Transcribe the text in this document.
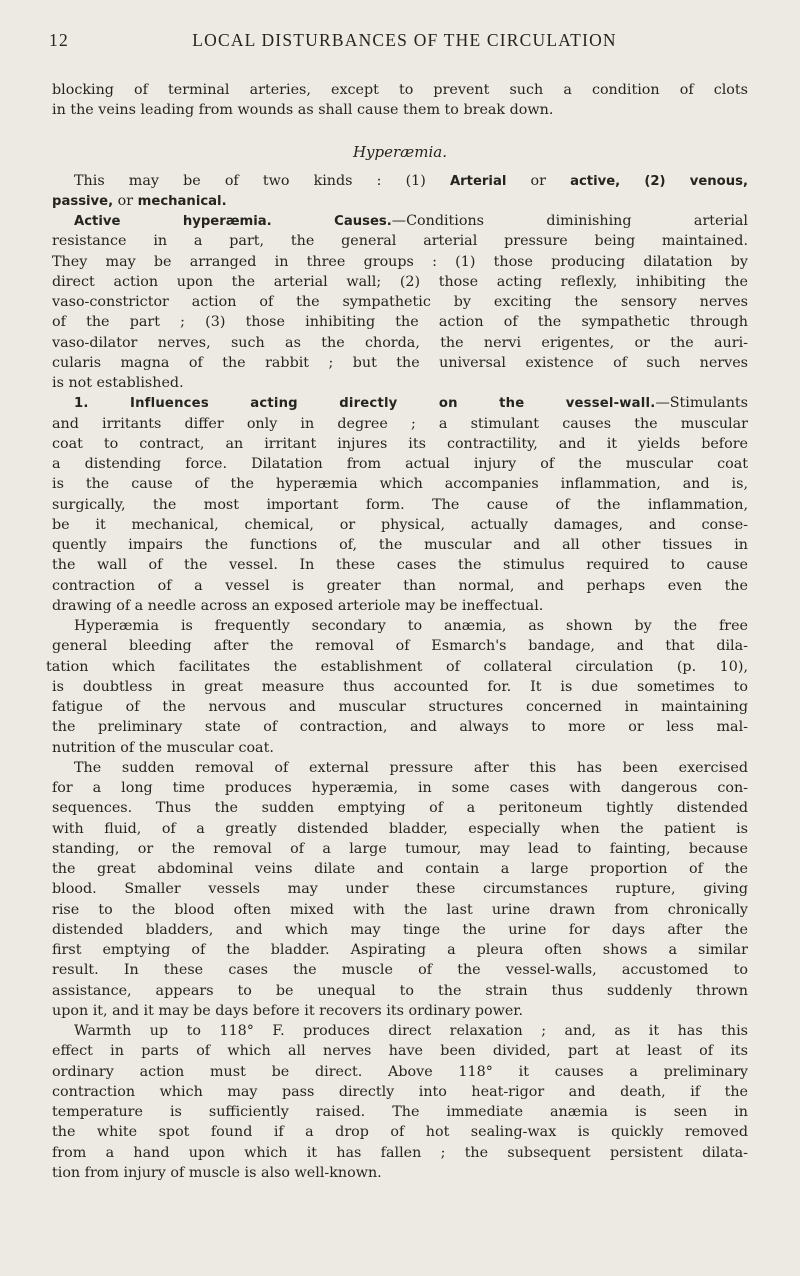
12	LOCAL DISTURBANCES OF THE CIRCULATION
blocking of terminal arteries, except to prevent such a condition of clots
in the veins leading from wounds as shall cause them to break down.
Hyperæmia.
This may be of two kinds : (1) Arterial or active, (2) venous,
passive, or mechanical.
Active hyperæmia. Causes.—Conditions diminishing arterial
resistance in a part, the general arterial pressure being maintained.
They may be arranged in three groups : (1) those producing dilatation by
direct action upon the arterial wall; (2) those acting reflexly, inhibiting the
vaso-constrictor action of the sympathetic by exciting the sensory nerves
of the part ; (3) those inhibiting the action of the sympathetic through
vaso-dilator nerves, such as the chorda, the nervi erigentes, or the auri-
cularis magna of the rabbit ; but the universal existence of such nerves
is not established.
1. Influences acting directly on the vessel-wall.—Stimulants
and irritants differ only in degree ; a stimulant causes the muscular
coat to contract, an irritant injures its contractility, and it yields before
a distending force. Dilatation from actual injury of the muscular coat
is the cause of the hyperæmia which accompanies inflammation, and is,
surgically, the most important form. The cause of the inflammation,
be it mechanical, chemical, or physical, actually damages, and conse-
quently impairs the functions of, the muscular and all other tissues in
the wall of the vessel. In these cases the stimulus required to cause
contraction of a vessel is greater than normal, and perhaps even the
drawing of a needle across an exposed arteriole may be ineffectual.
Hyperæmia is frequently secondary to anæmia, as shown by the free
general bleeding after the removal of Esmarch's bandage, and that dila-
tation which facilitates the establishment of collateral circulation (p. 10),
is doubtless in great measure thus accounted for. It is due sometimes to
fatigue of the nervous and muscular structures concerned in maintaining
the preliminary state of contraction, and always to more or less mal-
nutrition of the muscular coat.
The sudden removal of external pressure after this has been exercised
for a long time produces hyperæmia, in some cases with dangerous con-
sequences. Thus the sudden emptying of a peritoneum tightly distended
with fluid, of a greatly distended bladder, especially when the patient is
standing, or the removal of a large tumour, may lead to fainting, because
the great abdominal veins dilate and contain a large proportion of the
blood. Smaller vessels may under these circumstances rupture, giving
rise to the blood often mixed with the last urine drawn from chronically
distended bladders, and which may tinge the urine for days after the
first emptying of the bladder. Aspirating a pleura often shows a similar
result. In these cases the muscle of the vessel-walls, accustomed to
assistance, appears to be unequal to the strain thus suddenly thrown
upon it, and it may be days before it recovers its ordinary power.
Warmth up to 118° F. produces direct relaxation ; and, as it has this
effect in parts of which all nerves have been divided, part at least of its
ordinary action must be direct. Above 118° it causes a preliminary
contraction which may pass directly into heat-rigor and death, if the
temperature is sufficiently raised. The immediate anæmia is seen in
the white spot found if a drop of hot sealing-wax is quickly removed
from a hand upon which it has fallen ; the subsequent persistent dilata-
tion from injury of muscle is also well-known.
